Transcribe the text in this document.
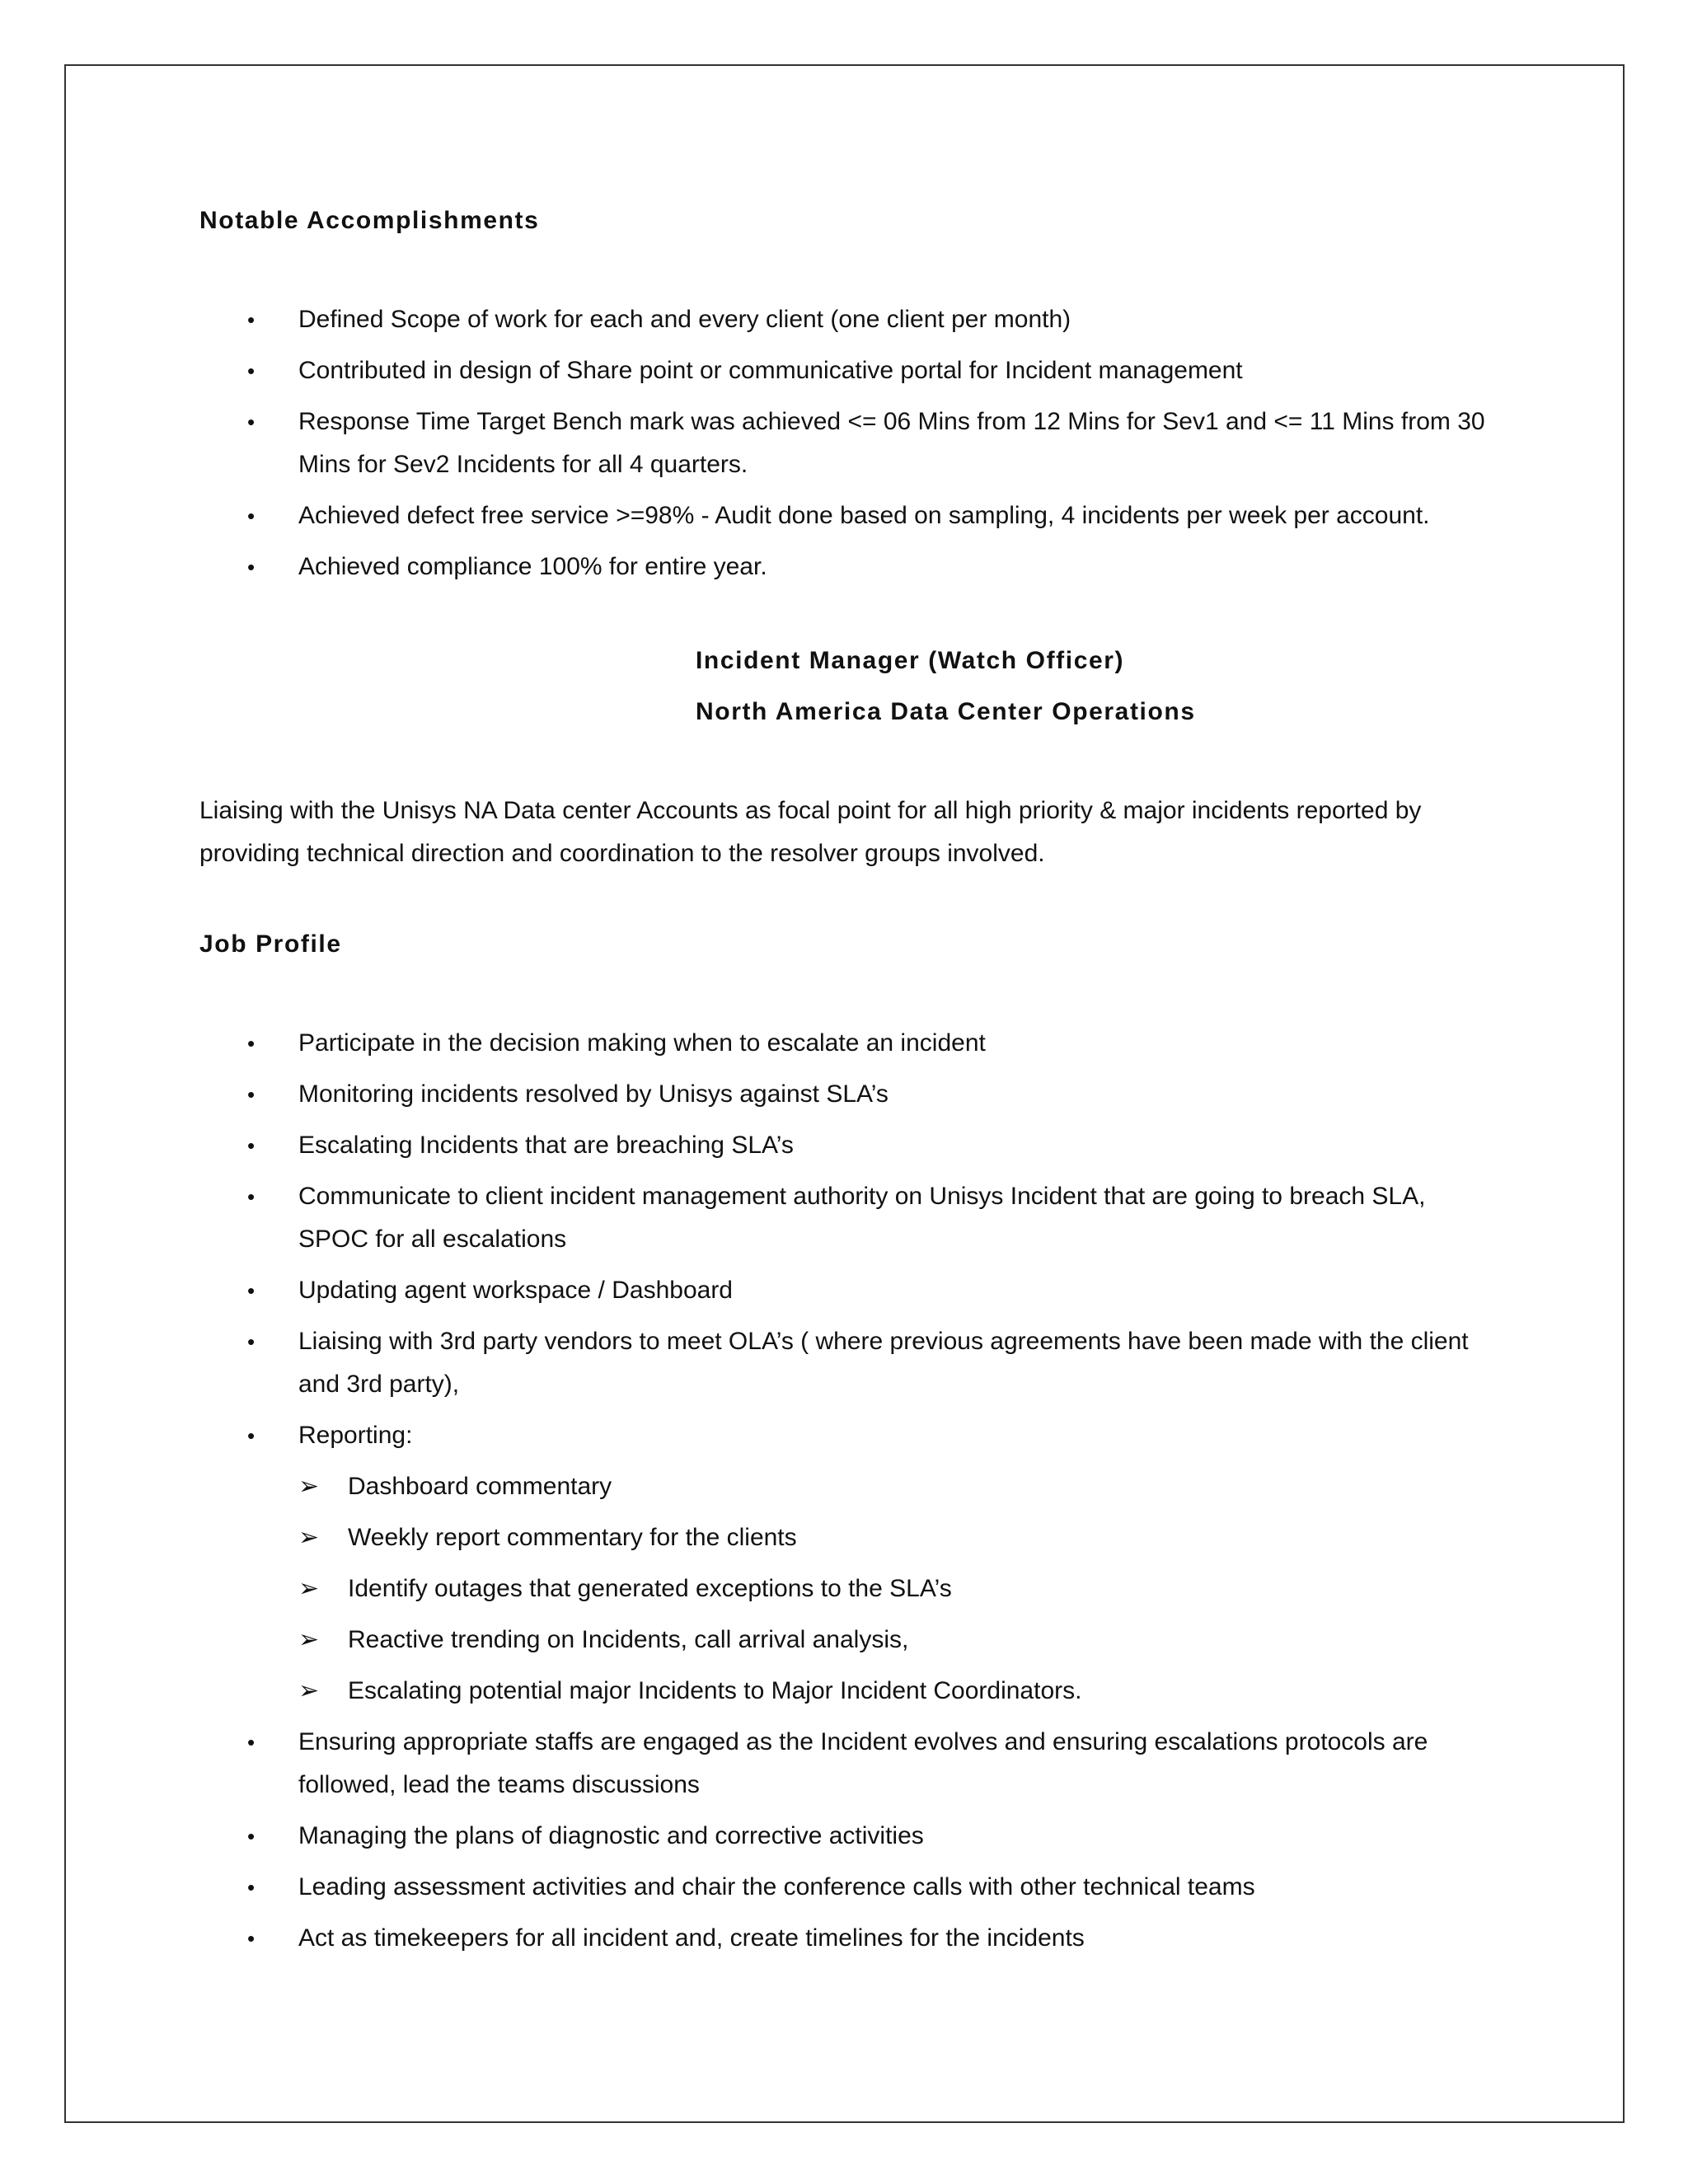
Notable Accomplishments
• Defined Scope of work for each and every client (one client per month)
• Contributed in design of Share point or communicative portal for Incident management
• Response Time Target Bench mark was achieved <= 06 Mins from 12 Mins for Sev1 and <= 11 Mins from 30 Mins for Sev2 Incidents for all 4 quarters.
• Achieved defect free service >=98% - Audit done based on sampling, 4 incidents per week per account.
• Achieved compliance 100% for entire year.
Incident Manager (Watch Officer)
North America Data Center Operations

Liaising with the Unisys NA Data center Accounts as focal point for all high priority & major incidents reported by providing technical direction and coordination to the resolver groups involved.

Job Profile
• Participate in the decision making when to escalate an incident
• Monitoring incidents resolved by Unisys against SLA’s
• Escalating Incidents that are breaching SLA’s
• Communicate to client incident management authority on Unisys Incident that are going to breach SLA, SPOC for all escalations
• Updating agent workspace / Dashboard
• Liaising with 3rd party vendors to meet OLA’s ( where previous agreements have been made with the client and 3rd party),
• Reporting:
➢ Dashboard commentary
➢ Weekly report commentary for the clients
➢ Identify outages that generated exceptions to the SLA’s
➢ Reactive trending on Incidents, call arrival analysis,
➢ Escalating potential major Incidents to Major Incident Coordinators.
• Ensuring appropriate staffs are engaged as the Incident evolves and ensuring escalations protocols are followed, lead the teams discussions
• Managing the plans of diagnostic and corrective activities
• Leading assessment activities and chair the conference calls with other technical teams
• Act as timekeepers for all incident and, create timelines for the incidents
